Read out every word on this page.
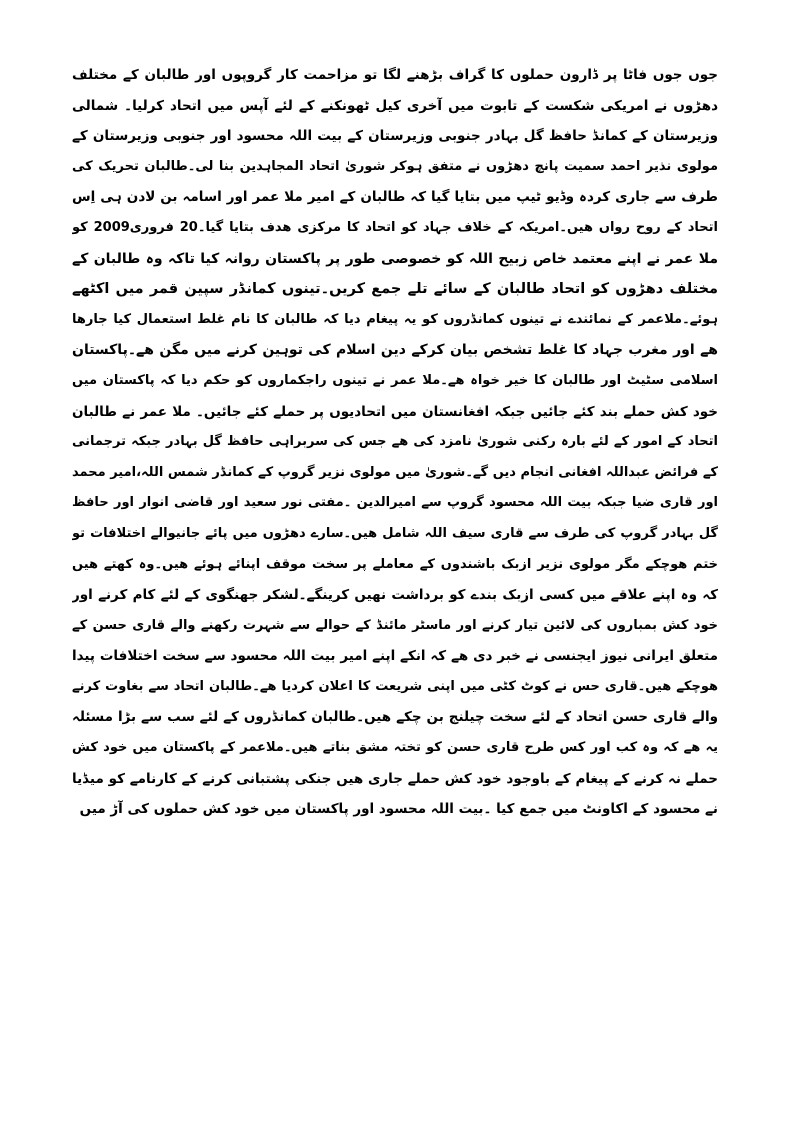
جوں جوں فاٹا پر ڈارون حملوں کا گراف بڑھنے لگا تو مزاحمت کار گروپوں اور طالبان کے مختلف
دھڑوں نے امریکی شکست کے تابوت میں آخری کیل ٹھونکنے کے لئے آپس میں اتحاد کرلیا۔ شمالی
وزیرستان کے کمانڈ حافظ گل بہادر جنوبی وزیرستان کے بیت اللہ محسود اور جنوبی وزیرستان کے
مولوی نذیر احمد سمیت پانچ دھڑوں نے متفق ہوکر شوریٰ اتحاد المجاہدین بنا لی۔طالبان تحریک کی
طرف سے جاری کردہ وڈیو ٹیپ میں بتایا گیا کہ طالبان کے امیر ملا عمر اور اسامہ بن لادن ہی اِس
اتحاد کے روح رواں ھیں۔امریکہ کے خلاف جہاد کو اتحاد کا مرکزی ھدف بتایا گیا۔20 فروری2009 کو
ملا عمر نے اپنے معتمد خاص زبیح اللہ کو خصوصی طور پر پاکستان روانہ کیا تاکہ وہ طالبان کے
مختلف دھڑوں کو اتحاد طالبان کے سائے تلے جمع کریں۔تینوں کمانڈر سپین قمر میں اکٹھے
ہوئے۔ملاعمر کے نمائندے نے تینوں کمانڈروں کو یہ پیغام دیا کہ طالبان کا نام غلط استعمال کیا جارھا
ھے اور مغرب جہاد کا غلط تشخص بیان کرکے دین اسلام کی توہین کرنے میں مگن ھے۔پاکستان
اسلامی سٹیٹ اور طالبان کا خیر خواہ ھے۔ملا عمر نے تینوں راجکماروں کو حکم دیا کہ پاکستان میں
خود کش حملے بند کئے جائیں جبکہ افغانستان میں اتحادیوں پر حملے کئے جائیں۔ ملا عمر نے طالبان
اتحاد کے امور کے لئے بارہ رکنی شوریٰ نامزد کی ھے جس کی سربراہی حافظ گل بہادر جبکہ ترجمانی
کے فرائض عبداللہ افغانی انجام دیں گے۔شوریٰ میں مولوی نزیر گروپ کے کمانڈر شمس اللہ،امیر محمد
اور قاری ضیا جبکہ بیت اللہ محسود گروپ سے امیرالدین ۔مفتی نور سعید اور قاضی انوار اور حافظ
گل بہادر گروپ کی طرف سے قاری سیف اللہ شامل ھیں۔سارے دھڑوں میں پائے جانیوالے اختلافات تو
ختم ھوچکے مگر مولوی نزیر ازبک باشندوں کے معاملے پر سخت موقف اپنائے ہوئے ھیں۔وہ کھتے ھیں
کہ وہ اپنے علاقے میں کسی ازبک بندے کو برداشت نھیں کرینگے۔لشکر جھنگوی کے لئے کام کرنے اور
خود کش بمباروں کی لائین تیار کرنے اور ماسٹر مائنڈ کے حوالے سے شہرت رکھنے والے قاری حسن کے
متعلق ایرانی نیوز ایجنسی نے خبر دی ھے کہ انکے اپنے امیر بیت اللہ محسود سے سخت اختلافات پیدا
ھوچکے ھیں۔قاری حس نے کوٹ کٹی میں اپنی شریعت کا اعلان کردیا ھے۔طالبان اتحاد سے بغاوت کرنے
والے قاری حسن اتحاد کے لئے سخت چیلنج بن چکے ھیں۔طالبان کمانڈروں کے لئے سب سے بڑا مسئلہ
یہ ھے کہ وہ کب اور کس طرح قاری حسن کو تختہ مشق بناتے ھیں۔ملاعمر کے پاکستان میں خود کش
حملے نہ کرنے کے پیغام کے باوجود خود کش حملے جاری ھیں جنکی پشتبانی کرنے کے کارنامے کو میڈیا
نے محسود کے اکاونٹ میں جمع کیا ۔بیت اللہ محسود اور پاکستان میں خود کش حملوں کی آڑ میں
